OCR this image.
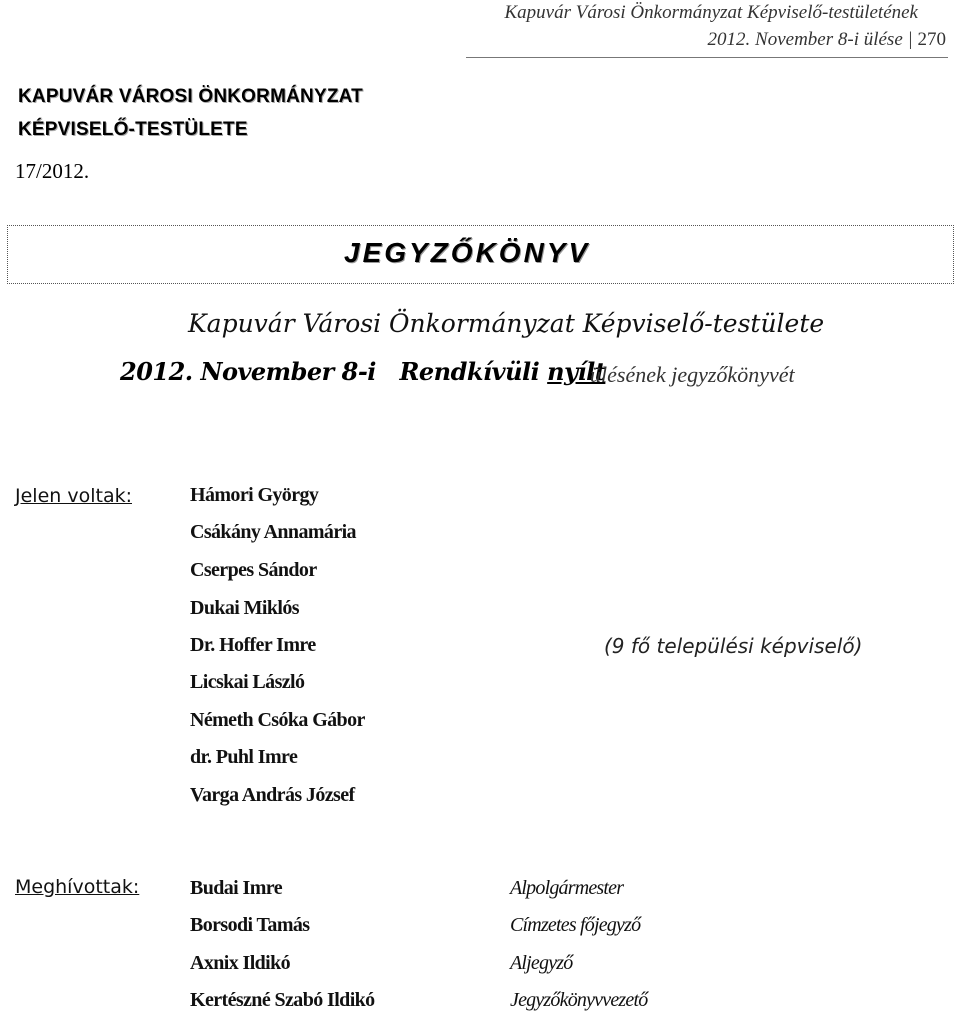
Kapuvár Városi Önkormányzat Képviselő-testületének
2012. November 8-i ülése | 270
KAPUVÁR VÁROSI ÖNKORMÁNYZAT
KÉPVISELŐ-TESTÜLETE
17/2012.
JEGYZŐKÖNYV
Kapuvár Városi Önkormányzat Képviselő-testülete
2012. November 8-i Rendkívüli nyílt
ülésének jegyzőkönyvét
Jelen voltak:	Hámori György
Csákány Annamária
Cserpes Sándor
Dukai Miklós
Dr. Hoffer Imre
Licskai László
Németh Csóka Gábor
dr. Puhl Imre
Varga András József
(9 fő települési képviselő)
Meghívottak:	Budai Imre	Alpolgármester
Borsodi Tamás	Címzetes főjegyző
Axnix Ildikó	Aljegyző
Kertészné Szabó Ildikó	Jegyzőkönyvvezető
